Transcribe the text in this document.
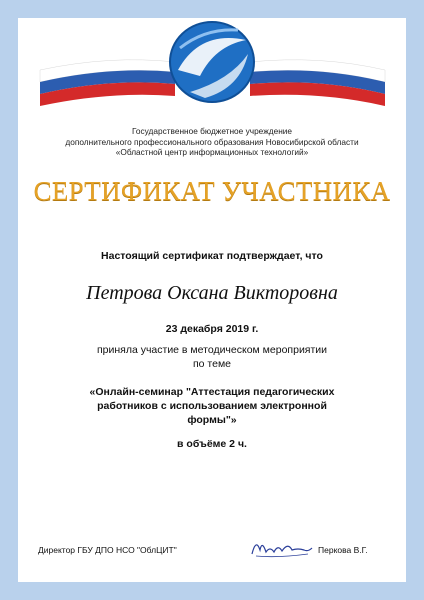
Государственное бюджетное учреждение
дополнительного профессионального образования Новосибирской области
«Областной центр информационных технологий»
СЕРТИФИКАТ УЧАСТНИКА
Настоящий сертификат подтверждает, что
Петрова Оксана Викторовна
23 декабря 2019 г.
приняла участие в методическом мероприятии
по теме
«Онлайн-семинар "Аттестация педагогических
работников с использованием электронной
формы"»
в объёме 2 ч.
Директор ГБУ ДПО НСО "ОблЦИТ"	Перкова В.Г.
